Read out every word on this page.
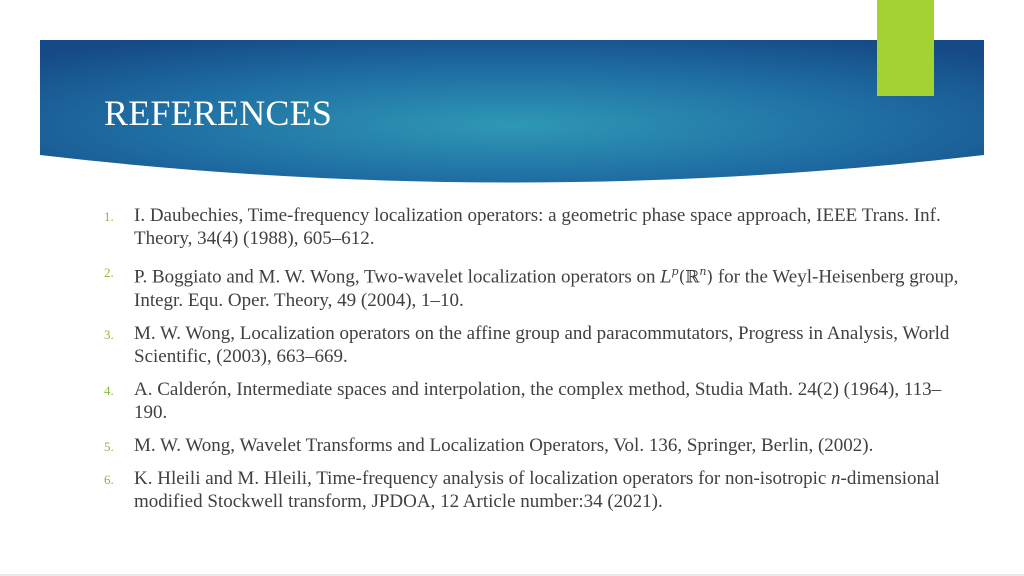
REFERENCES
1.	I. Daubechies, Time-frequency localization operators: a geometric phase space approach, IEEE Trans. Inf. Theory, 34(4) (1988), 605–612.
2.	P. Boggiato and M. W. Wong, Two-wavelet localization operators on $L^p(ℝ^n)$ for the Weyl-Heisenberg group, Integr. Equ. Oper. Theory, 49 (2004), 1–10.
3.	M. W. Wong, Localization operators on the affine group and paracommutators, Progress in Analysis, World Scientific, (2003), 663–669.
4.	A. Calderón, Intermediate spaces and interpolation, the complex method, Studia Math. 24(2) (1964), 113–190.
5.	M. W. Wong, Wavelet Transforms and Localization Operators, Vol. 136, Springer, Berlin, (2002).
6.	K. Hleili and M. Hleili, Time-frequency analysis of localization operators for non-isotropic n-dimensional modified Stockwell transform, JPDOA, 12 Article number:34 (2021).
